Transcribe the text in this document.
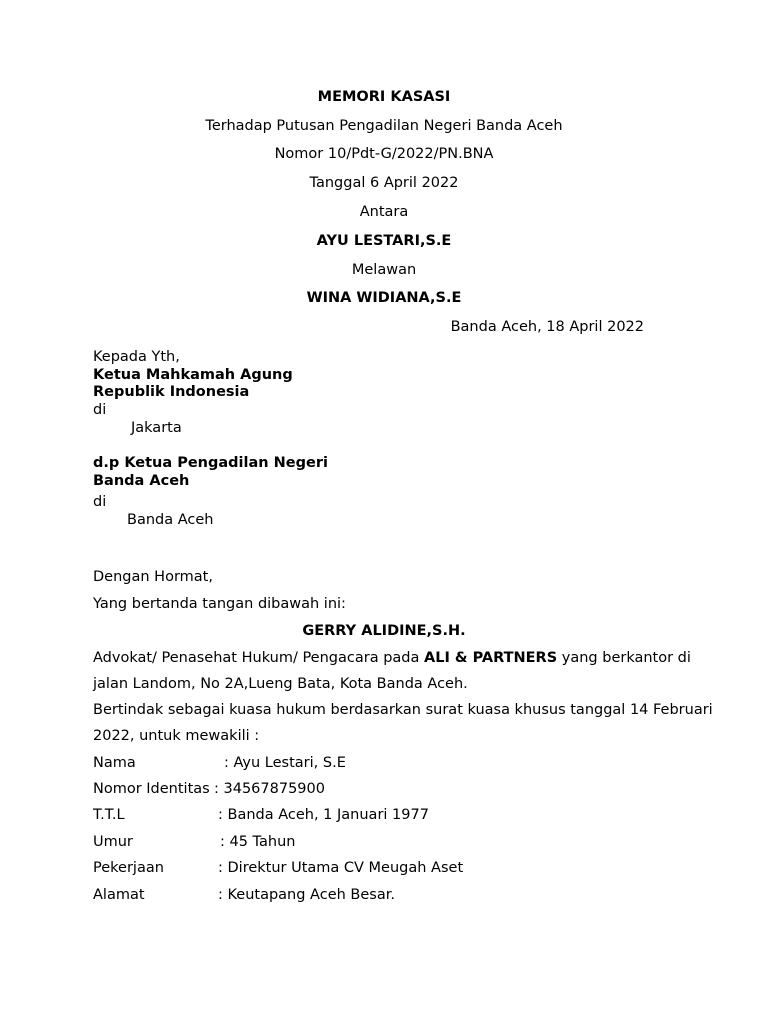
MEMORI KASASI
Terhadap Putusan Pengadilan Negeri Banda Aceh
Nomor 10/Pdt-G/2022/PN.BNA
Tanggal 6 April 2022
Antara
AYU LESTARI,S.E
Melawan
WINA WIDIANA,S.E
Banda Aceh, 18 April 2022
Kepada Yth,
Ketua Mahkamah Agung
Republik Indonesia
di
Jakarta
d.p Ketua Pengadilan Negeri
Banda Aceh
di
Banda Aceh
Dengan Hormat,
Yang bertanda tangan dibawah ini:
GERRY ALIDINE,S.H.
Advokat/ Penasehat Hukum/ Pengacara pada ALI & PARTNERS yang berkantor di
jalan Landom, No 2A,Lueng Bata, Kota Banda Aceh.
Bertindak sebagai kuasa hukum berdasarkan surat kuasa khusus tanggal 14 Februari
2022, untuk mewakili :
Nama	: Ayu Lestari, S.E
Nomor Identitas : 34567875900
T.T.L	: Banda Aceh, 1 Januari 1977
Umur	: 45 Tahun
Pekerjaan	: Direktur Utama CV Meugah Aset
Alamat	: Keutapang Aceh Besar.
